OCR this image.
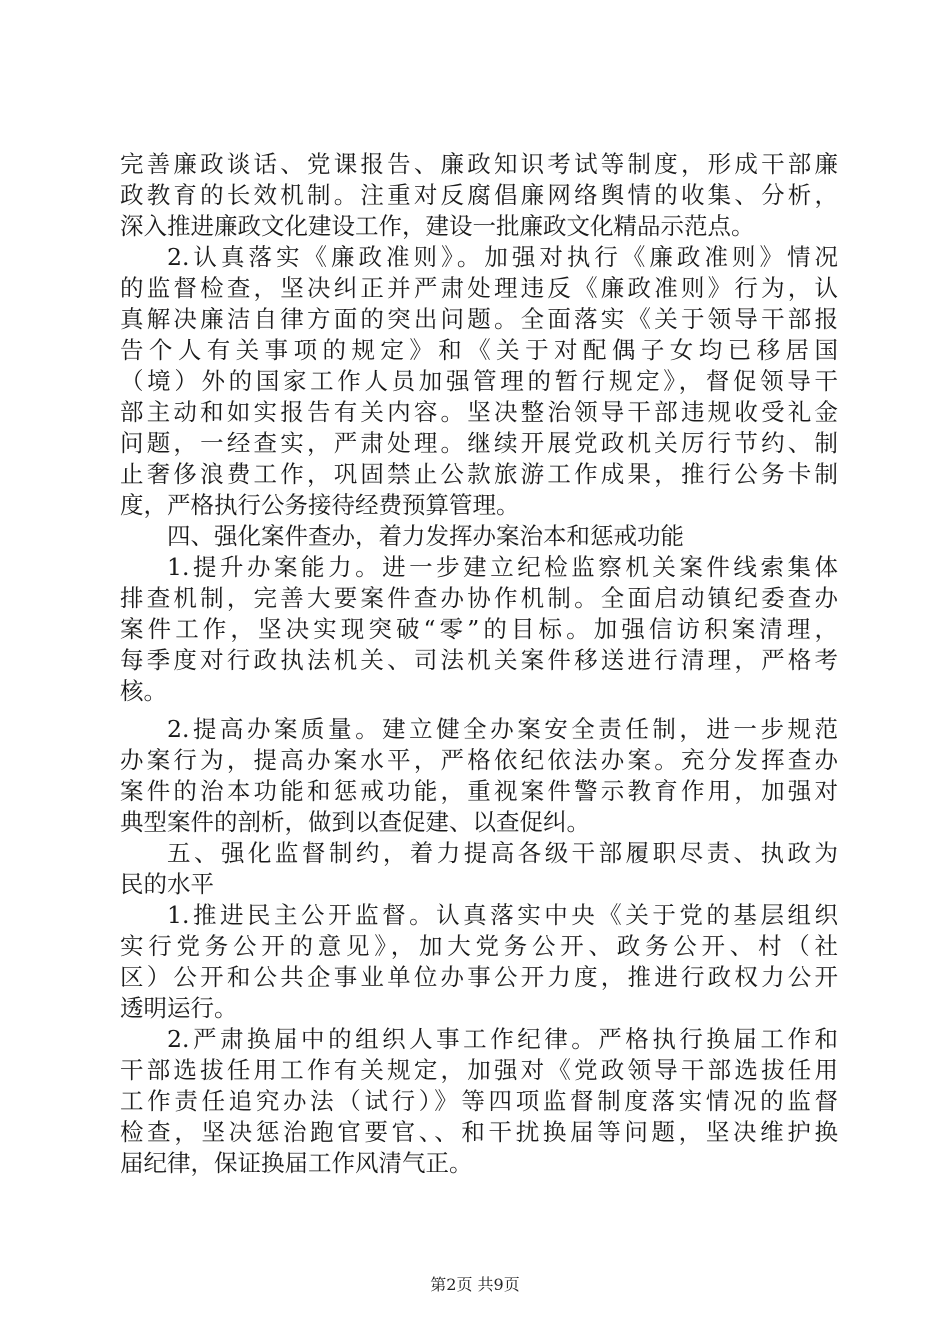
完善廉政谈话、党课报告、廉政知识考试等制度，形成干部廉
政教育的长效机制。注重对反腐倡廉网络舆情的收集、分析，
深入推进廉政文化建设工作，建设一批廉政文化精品示范点。
2.认真落实《廉政准则》。加强对执行《廉政准则》情况
的监督检查，坚决纠正并严肃处理违反《廉政准则》行为，认
真解决廉洁自律方面的突出问题。全面落实《关于领导干部报
告个人有关事项的规定》和《关于对配偶子女均已移居国
（境）外的国家工作人员加强管理的暂行规定》，督促领导干
部主动和如实报告有关内容。坚决整治领导干部违规收受礼金
问题，一经查实，严肃处理。继续开展党政机关厉行节约、制
止奢侈浪费工作，巩固禁止公款旅游工作成果，推行公务卡制
度，严格执行公务接待经费预算管理。
四、强化案件查办，着力发挥办案治本和惩戒功能
1.提升办案能力。进一步建立纪检监察机关案件线索集体
排查机制，完善大要案件查办协作机制。全面启动镇纪委查办
案件工作，坚决实现突破“零”的目标。加强信访积案清理，
每季度对行政执法机关、司法机关案件移送进行清理，严格考
核。
2.提高办案质量。建立健全办案安全责任制，进一步规范
办案行为，提高办案水平，严格依纪依法办案。充分发挥查办
案件的治本功能和惩戒功能，重视案件警示教育作用，加强对
典型案件的剖析，做到以查促建、以查促纠。
五、强化监督制约，着力提高各级干部履职尽责、执政为
民的水平
1.推进民主公开监督。认真落实中央《关于党的基层组织
实行党务公开的意见》，加大党务公开、政务公开、村（社
区）公开和公共企事业单位办事公开力度，推进行政权力公开
透明运行。
2.严肃换届中的组织人事工作纪律。严格执行换届工作和
干部选拔任用工作有关规定，加强对《党政领导干部选拔任用
工作责任追究办法（试行）》等四项监督制度落实情况的监督
检查，坚决惩治跑官要官、、和干扰换届等问题，坚决维护换
届纪律，保证换届工作风清气正。
第2页 共9页
